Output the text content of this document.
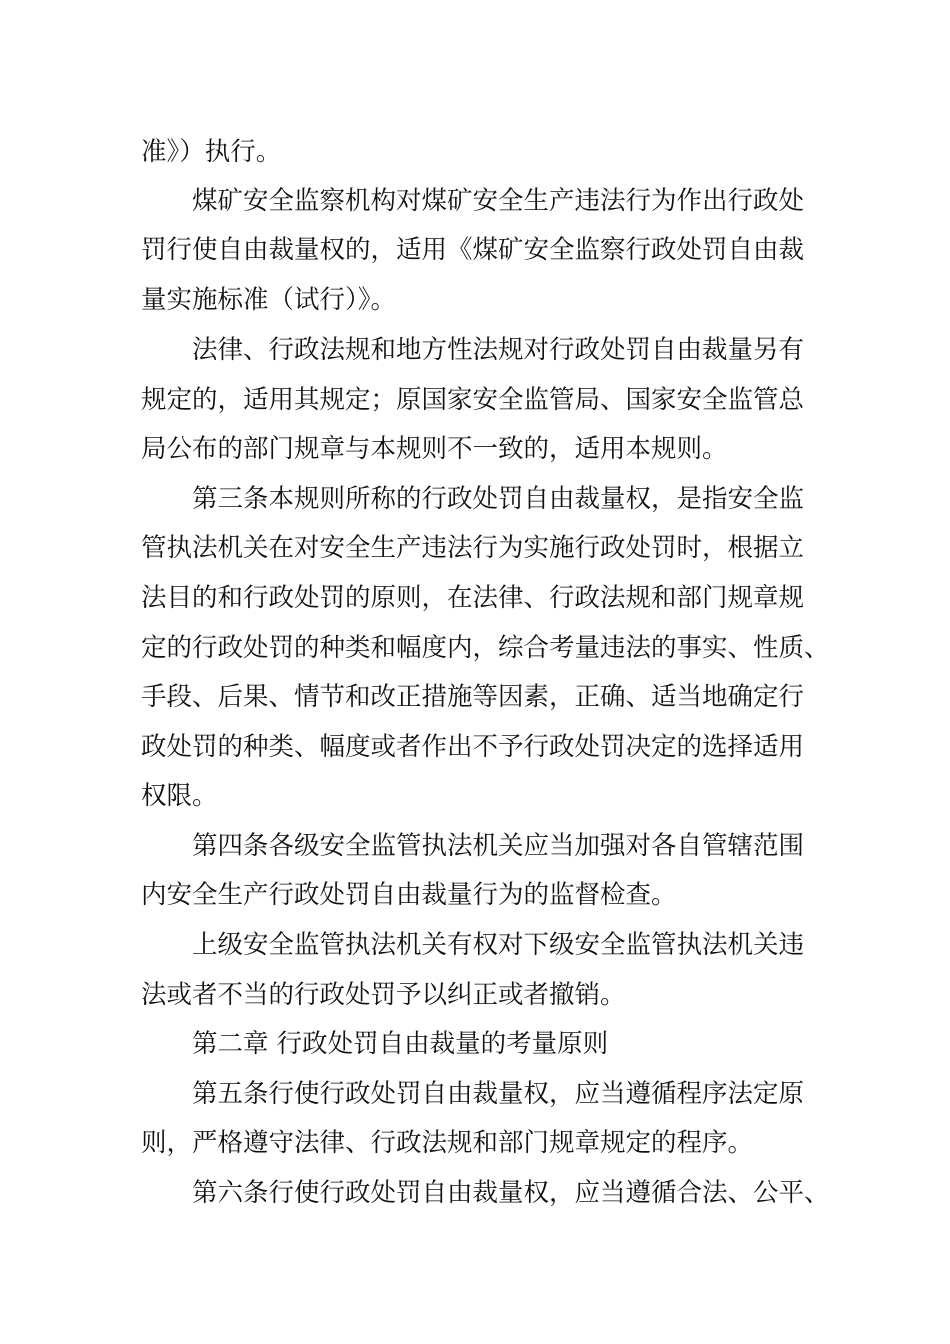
准》）执行。
煤矿安全监察机构对煤矿安全生产违法行为作出行政处
罚行使自由裁量权的，适用《煤矿安全监察行政处罚自由裁
量实施标准（试行）》。
法律、行政法规和地方性法规对行政处罚自由裁量另有
规定的，适用其规定；原国家安全监管局、国家安全监管总
局公布的部门规章与本规则不一致的，适用本规则。
第三条本规则所称的行政处罚自由裁量权，是指安全监
管执法机关在对安全生产违法行为实施行政处罚时，根据立
法目的和行政处罚的原则，在法律、行政法规和部门规章规
定的行政处罚的种类和幅度内，综合考量违法的事实、性质、
手段、后果、情节和改正措施等因素，正确、适当地确定行
政处罚的种类、幅度或者作出不予行政处罚决定的选择适用
权限。
第四条各级安全监管执法机关应当加强对各自管辖范围
内安全生产行政处罚自由裁量行为的监督检查。
上级安全监管执法机关有权对下级安全监管执法机关违
法或者不当的行政处罚予以纠正或者撤销。
第二章 行政处罚自由裁量的考量原则
第五条行使行政处罚自由裁量权，应当遵循程序法定原
则，严格遵守法律、行政法规和部门规章规定的程序。
第六条行使行政处罚自由裁量权，应当遵循合法、公平、
